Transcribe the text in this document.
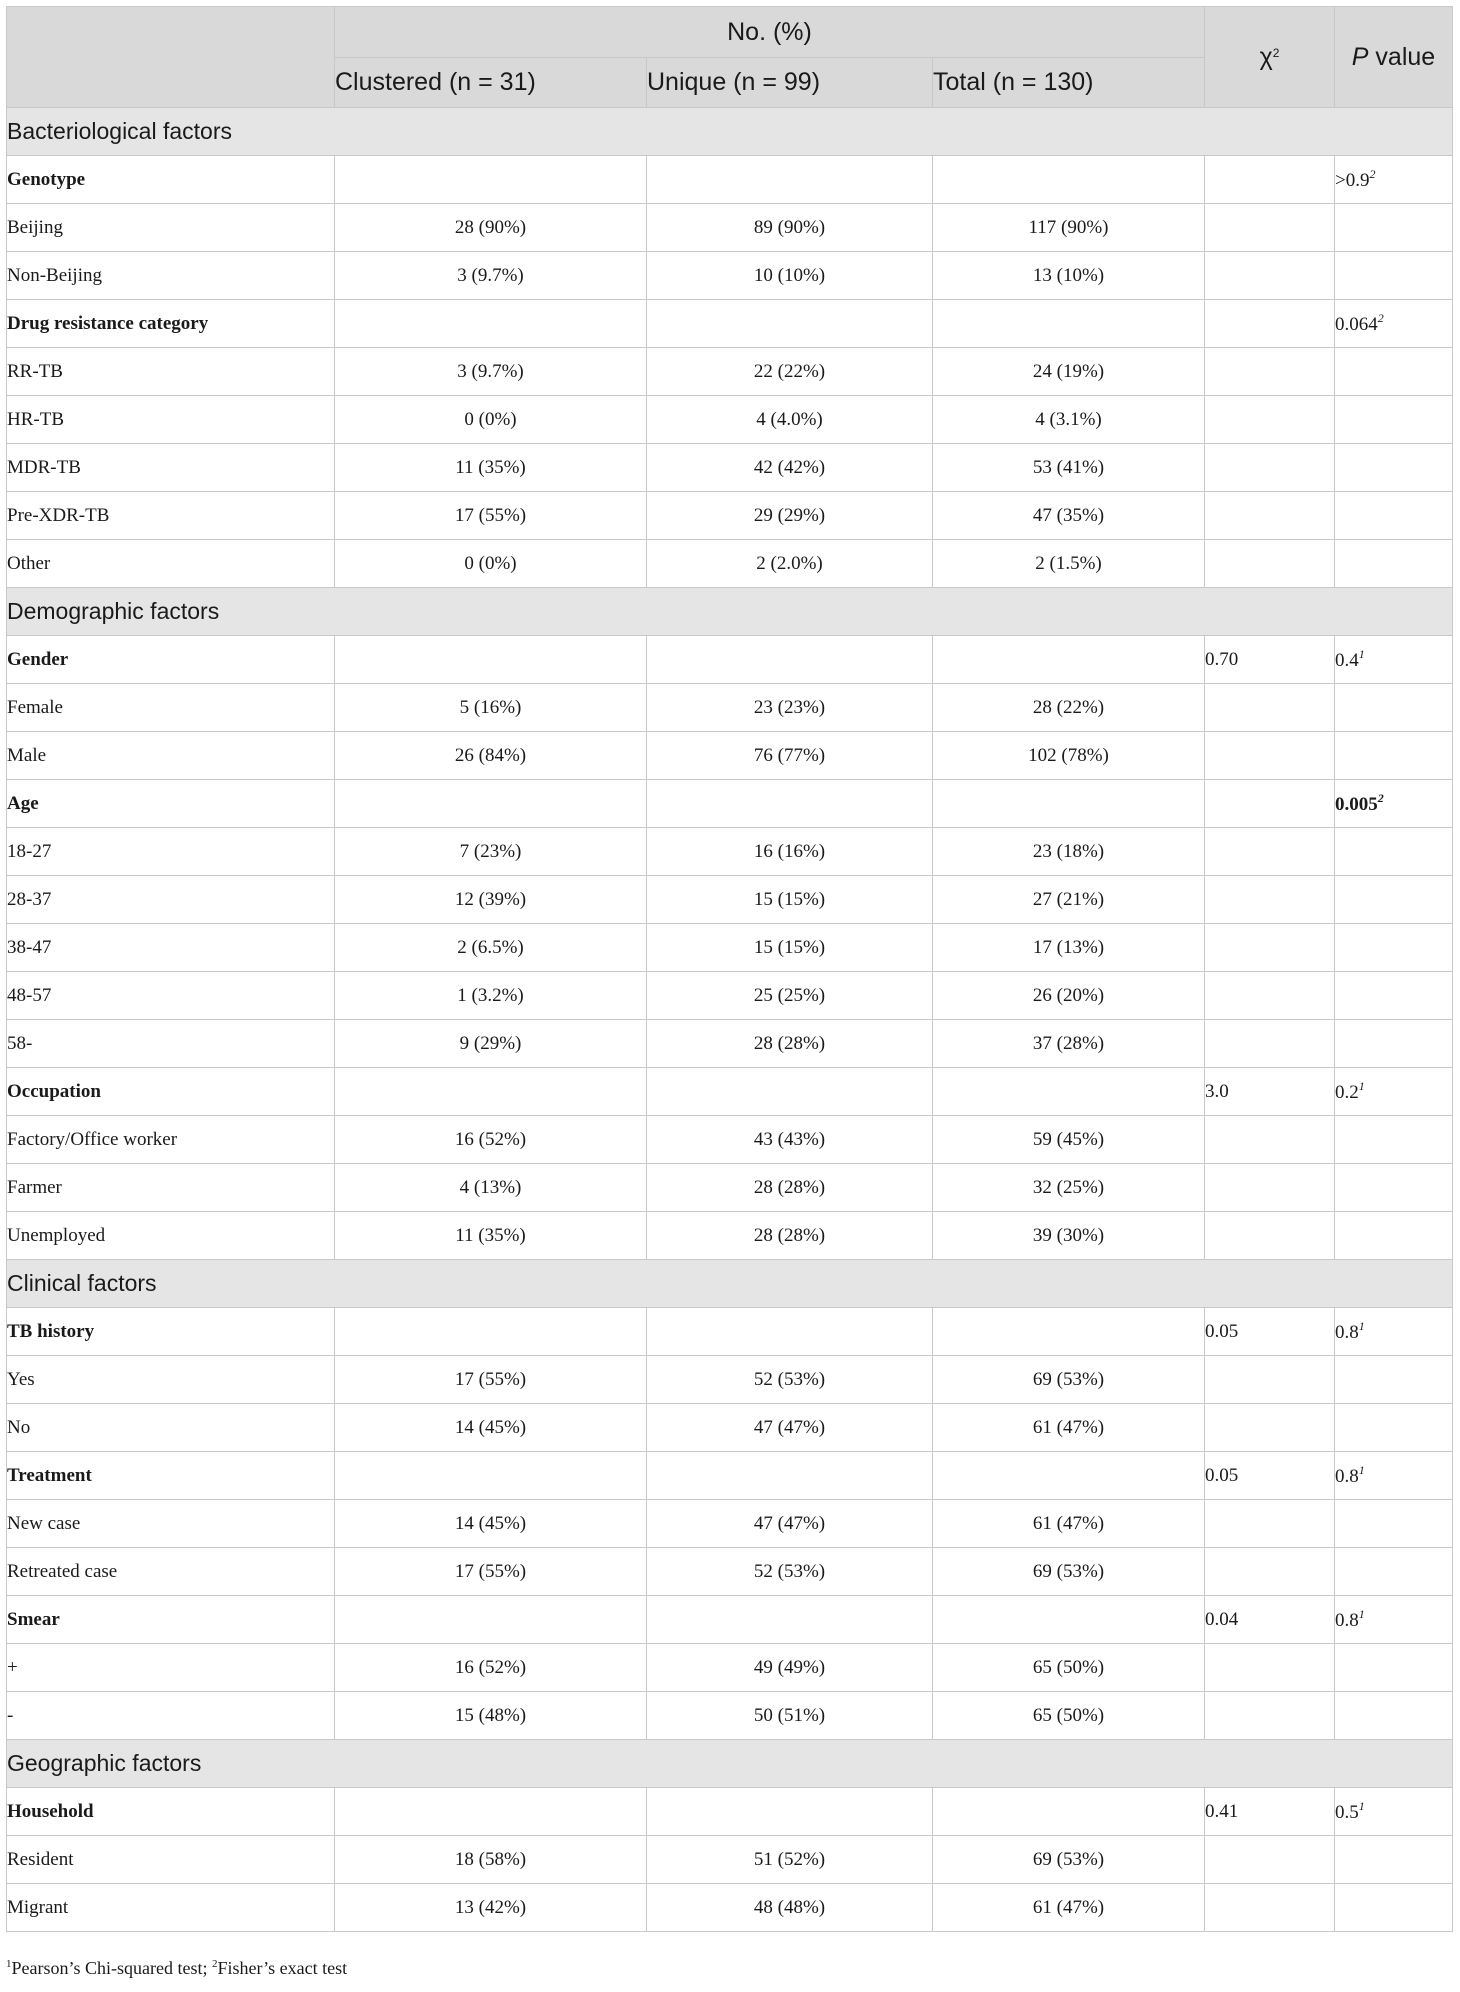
	No. (%)			$\chi^2$	P value
	Clustered (n = 31)	Unique (n = 99)	Total (n = 130)		
Bacteriological factors					
Genotype					$>0.9^2$
Beijing	28 (90%)	89 (90%)	117 (90%)		
Non-Beijing	3 (9.7%)	10 (10%)	13 (10%)		
Drug resistance category					0.064$^2$
RR-TB	3 (9.7%)	22 (22%)	24 (19%)		
HR-TB	0 (0%)	4 (4.0%)	4 (3.1%)		
MDR-TB	11 (35%)	42 (42%)	53 (41%)		
Pre-XDR-TB	17 (55%)	29 (29%)	47 (35%)		
Other	0 (0%)	2 (2.0%)	2 (1.5%)		
Demographic factors					
Gender				0.70	$0.4^1$
Female	5 (16%)	23 (23%)	28 (22%)		
Male	26 (84%)	76 (77%)	102 (78%)		
Age					0.005$^2$
18-27	7 (23%)	16 (16%)	23 (18%)		
28-37	12 (39%)	15 (15%)	27 (21%)		
38-47	2 (6.5%)	15 (15%)	17 (13%)		
48-57	1 (3.2%)	25 (25%)	26 (20%)		
58-	9 (29%)	28 (28%)	37 (28%)		
Occupation				3.0	$0.2^1$
Factory/Office worker	16 (52%)	43 (43%)	59 (45%)		
Farmer	4 (13%)	28 (28%)	32 (25%)		
Unemployed	11 (35%)	28 (28%)	39 (30%)		
Clinical factors					
TB history				0.05	$0.8^1$
Yes	17 (55%)	52 (53%)	69 (53%)		
No	14 (45%)	47 (47%)	61 (47%)		
Treatment				0.05	$0.8^1$
New case	14 (45%)	47 (47%)	61 (47%)		
Retreated case	17 (55%)	52 (53%)	69 (53%)		
Smear				0.04	$0.8^1$
+	16 (52%)	49 (49%)	65 (50%)		
-	15 (48%)	50 (51%)	65 (50%)		
Geographic factors					
Household				0.41	$0.5^1$
Resident	18 (58%)	51 (52%)	69 (53%)		
Migrant	13 (42%)	48 (48%)	61 (47%)		
$^1$Pearson’s Chi-squared test; $^2$Fisher’s exact test
